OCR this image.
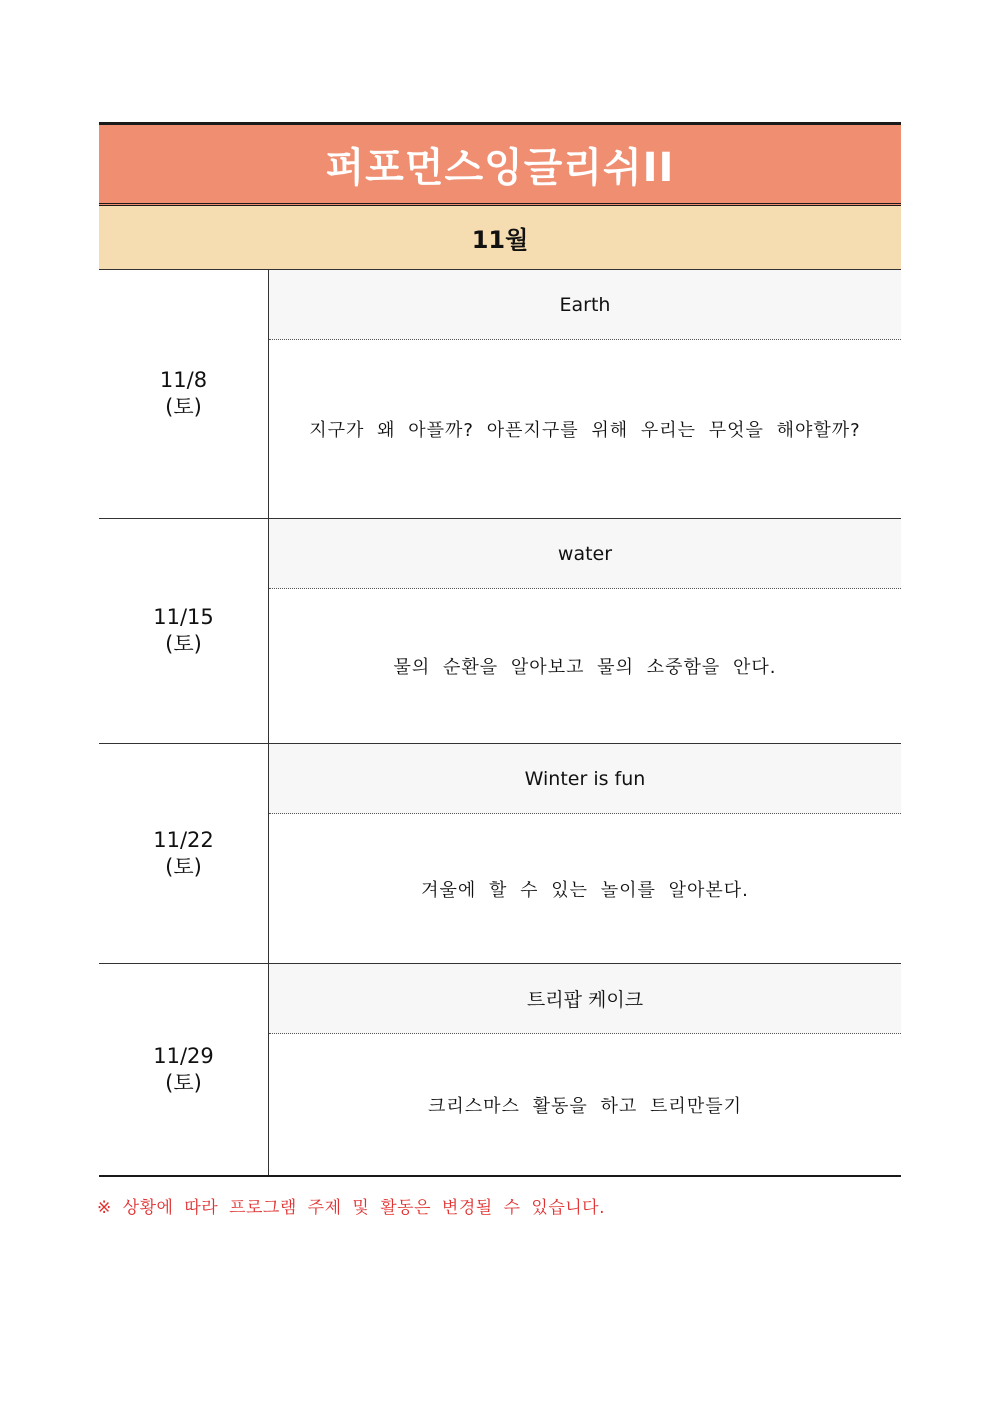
퍼포먼스잉글리쉬II
11월
11/8
(토)
Earth
지구가 왜 아플까? 아픈지구를 위해 우리는 무엇을 해야할까?
11/15
(토)
water
물의 순환을 알아보고 물의 소중함을 안다.
11/22
(토)
Winter is fun
겨울에 할 수 있는 놀이를 알아본다.
11/29
(토)
트리팝 케이크
크리스마스 활동을 하고 트리만들기
※ 상황에 따라 프로그램 주제 및 활동은 변경될 수 있습니다.
